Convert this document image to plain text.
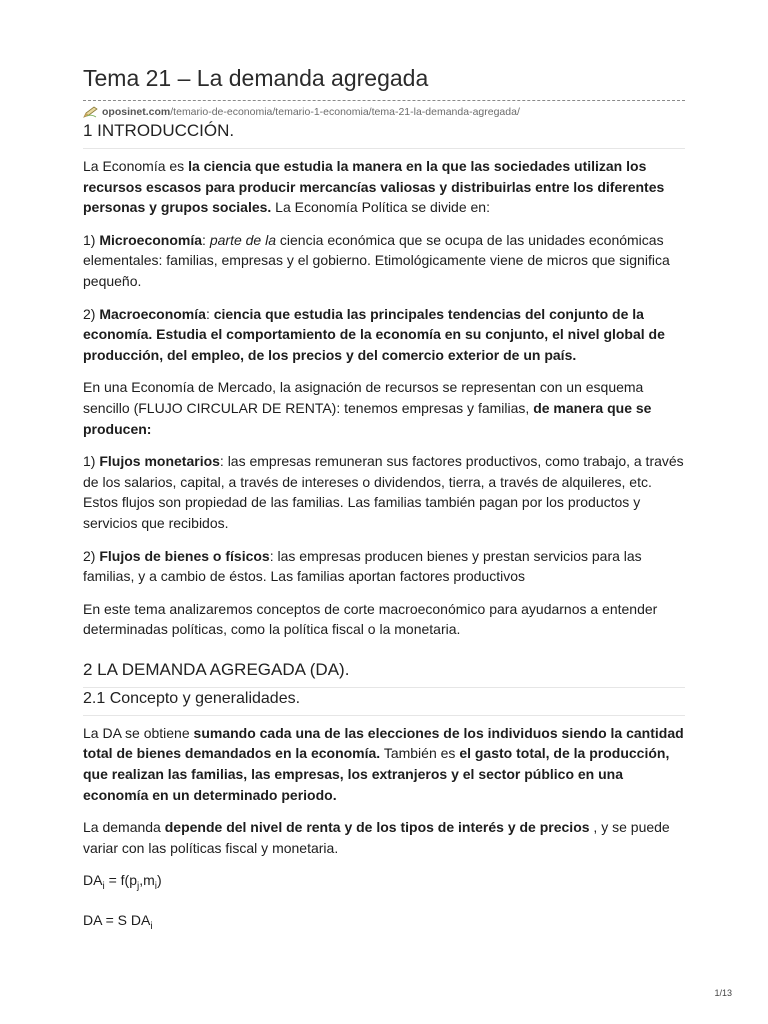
Tema 21 – La demanda agregada
oposinet.com /temario-de-economia/temario-1-economia/tema-21-la-demanda-agregada/
1 INTRODUCCIÓN.

La Economía es la ciencia que estudia la manera en la que las sociedades utilizan los recursos escasos para producir mercancías valiosas y distribuirlas entre los diferentes personas y grupos sociales. La Economía Política se divide en:

1) Microeconomía: parte de la ciencia económica que se ocupa de las unidades económicas elementales: familias, empresas y el gobierno. Etimológicamente viene de micros que significa pequeño.

2) Macroeconomía: ciencia que estudia las principales tendencias del conjunto de la economía. Estudia el comportamiento de la economía en su conjunto, el nivel global de producción, del empleo, de los precios y del comercio exterior de un país.

En una Economía de Mercado, la asignación de recursos se representan con un esquema sencillo (FLUJO CIRCULAR DE RENTA): tenemos empresas y familias, de manera que se producen:

1) Flujos monetarios: las empresas remuneran sus factores productivos, como trabajo, a través de los salarios, capital, a través de intereses o dividendos, tierra, a través de alquileres, etc. Estos flujos son propiedad de las familias. Las familias también pagan por los productos y servicios que recibidos.

2) Flujos de bienes o físicos: las empresas producen bienes y prestan servicios para las familias, y a cambio de éstos. Las familias aportan factores productivos

En este tema analizaremos conceptos de corte macroeconómico para ayudarnos a entender determinadas políticas, como la política fiscal o la monetaria.

2 LA DEMANDA AGREGADA (DA).
2.1 Concepto y generalidades.

La DA se obtiene sumando cada una de las elecciones de los individuos siendo la cantidad total de bienes demandados en la economía. También es el gasto total, de la producción, que realizan las familias, las empresas, los extranjeros y el sector público en una economía en un determinado periodo.

La demanda depende del nivel de renta y de los tipos de interés y de precios , y se puede variar con las políticas fiscal y monetaria.

$DA_i = f(p_j,m_i)$

DA = S $DA_i$

1/13
